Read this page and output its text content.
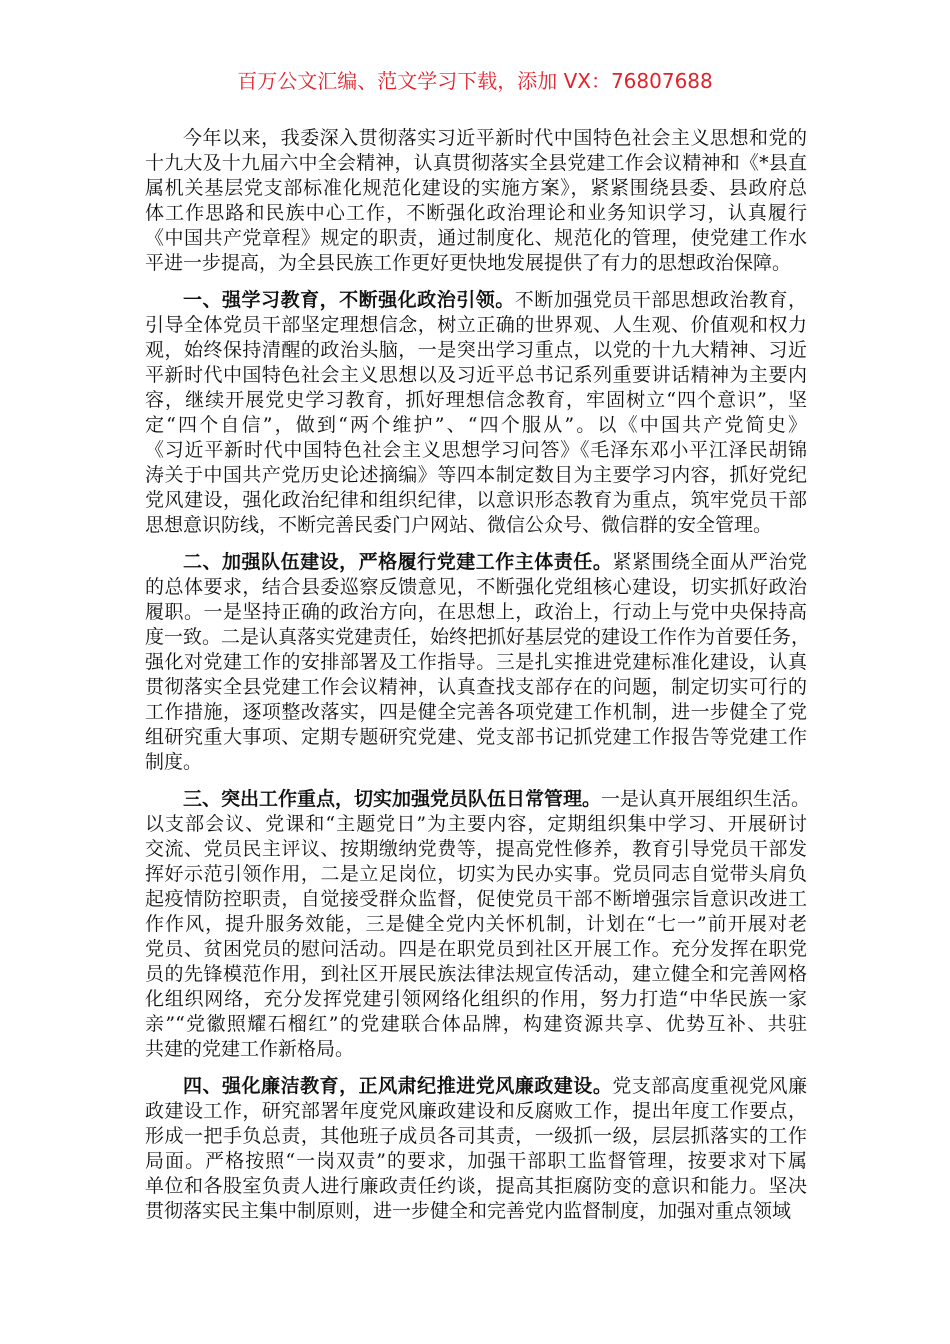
百万公文汇编、范文学习下载，添加 VX：76807688
今年以来，我委深入贯彻落实习近平新时代中国特色社会主义思想和党的
十九大及十九届六中全会精神，认真贯彻落实全县党建工作会议精神和《*县直
属机关基层党支部标准化规范化建设的实施方案》，紧紧围绕县委、县政府总
体工作思路和民族中心工作，不断强化政治理论和业务知识学习，认真履行
《中国共产党章程》规定的职责，通过制度化、规范化的管理，使党建工作水
平进一步提高，为全县民族工作更好更快地发展提供了有力的思想政治保障。
一、强学习教育，不断强化政治引领。不断加强党员干部思想政治教育，
引导全体党员干部坚定理想信念，树立正确的世界观、人生观、价值观和权力
观，始终保持清醒的政治头脑，一是突出学习重点，以党的十九大精神、习近
平新时代中国特色社会主义思想以及习近平总书记系列重要讲话精神为主要内
容，继续开展党史学习教育，抓好理想信念教育，牢固树立“四个意识”，坚
定“四个自信”，做到“两个维护”、“四个服从”。以《中国共产党简史》
《习近平新时代中国特色社会主义思想学习问答》《毛泽东邓小平江泽民胡锦
涛关于中国共产党历史论述摘编》等四本制定数目为主要学习内容，抓好党纪
党风建设，强化政治纪律和组织纪律，以意识形态教育为重点，筑牢党员干部
思想意识防线，不断完善民委门户网站、微信公众号、微信群的安全管理。
二、加强队伍建设，严格履行党建工作主体责任。紧紧围绕全面从严治党
的总体要求，结合县委巡察反馈意见，不断强化党组核心建设，切实抓好政治
履职。一是坚持正确的政治方向，在思想上，政治上，行动上与党中央保持高
度一致。二是认真落实党建责任，始终把抓好基层党的建设工作作为首要任务，
强化对党建工作的安排部署及工作指导。三是扎实推进党建标准化建设，认真
贯彻落实全县党建工作会议精神，认真查找支部存在的问题，制定切实可行的
工作措施，逐项整改落实，四是健全完善各项党建工作机制，进一步健全了党
组研究重大事项、定期专题研究党建、党支部书记抓党建工作报告等党建工作
制度。
三、突出工作重点，切实加强党员队伍日常管理。一是认真开展组织生活。
以支部会议、党课和“主题党日”为主要内容，定期组织集中学习、开展研讨
交流、党员民主评议、按期缴纳党费等，提高党性修养，教育引导党员干部发
挥好示范引领作用，二是立足岗位，切实为民办实事。党员同志自觉带头肩负
起疫情防控职责，自觉接受群众监督，促使党员干部不断增强宗旨意识改进工
作作风，提升服务效能，三是健全党内关怀机制，计划在“七一”前开展对老
党员、贫困党员的慰问活动。四是在职党员到社区开展工作。充分发挥在职党
员的先锋模范作用，到社区开展民族法律法规宣传活动，建立健全和完善网格
化组织网络，充分发挥党建引领网络化组织的作用，努力打造“中华民族一家
亲”“党徽照耀石榴红”的党建联合体品牌，构建资源共享、优势互补、共驻
共建的党建工作新格局。
四、强化廉洁教育，正风肃纪推进党风廉政建设。党支部高度重视党风廉
政建设工作，研究部署年度党风廉政建设和反腐败工作，提出年度工作要点，
形成一把手负总责，其他班子成员各司其责，一级抓一级，层层抓落实的工作
局面。严格按照“一岗双责”的要求，加强干部职工监督管理，按要求对下属
单位和各股室负责人进行廉政责任约谈，提高其拒腐防变的意识和能力。坚决
贯彻落实民主集中制原则，进一步健全和完善党内监督制度，加强对重点领域
